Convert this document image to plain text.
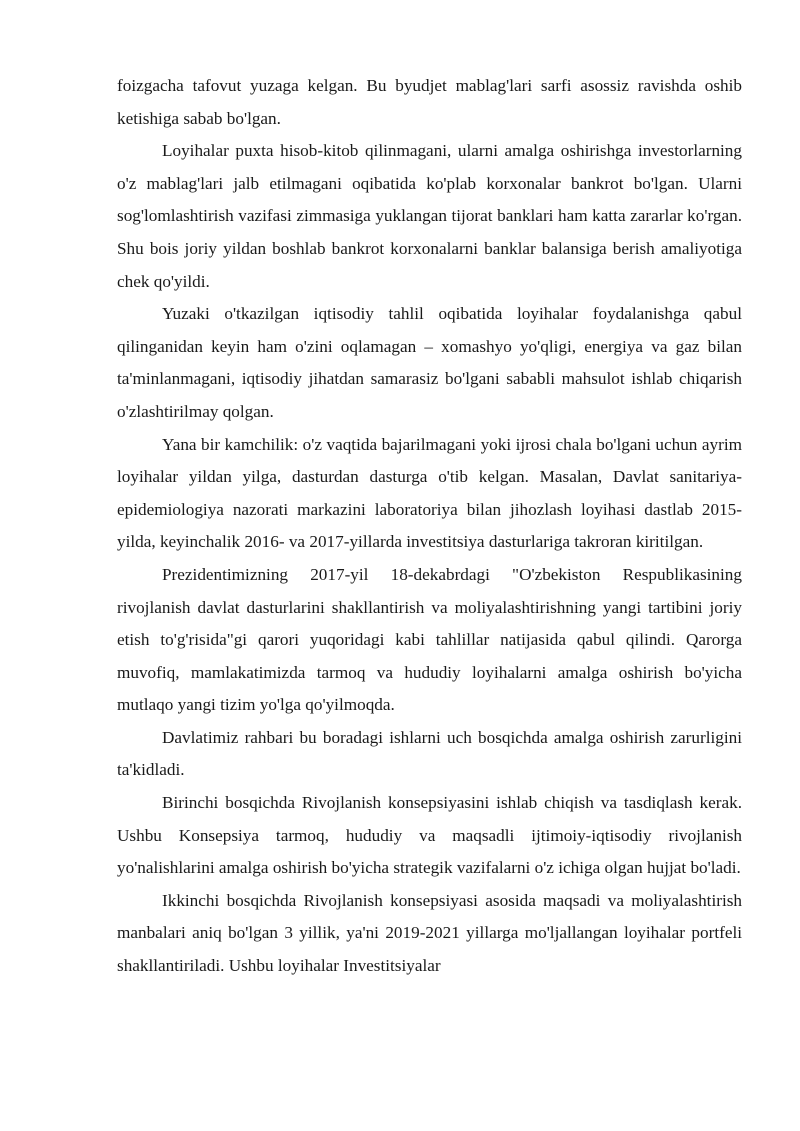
foizgacha tafovut yuzaga kelgan. Bu byudjet mablag'lari sarfi asossiz ravishda oshib ketishiga sabab bo'lgan.

Loyihalar puxta hisob-kitob qilinmagani, ularni amalga oshirishga investorlarning o'z mablag'lari jalb etilmagani oqibatida ko'plab korxonalar bankrot bo'lgan. Ularni sog'lomlashtirish vazifasi zimmasiga yuklangan tijorat banklari ham katta zararlar ko'rgan. Shu bois joriy yildan boshlab bankrot korxonalarni banklar balansiga berish amaliyotiga chek qo'yildi.

Yuzaki o'tkazilgan iqtisodiy tahlil oqibatida loyihalar foydalanishga qabul qilinganidan keyin ham o'zini oqlamagan – xomashyo yo'qligi, energiya va gaz bilan ta'minlanmagani, iqtisodiy jihatdan samarasiz bo'lgani sababli mahsulot ishlab chiqarish o'zlashtirilmay qolgan.

Yana bir kamchilik: o'z vaqtida bajarilmagani yoki ijrosi chala bo'lgani uchun ayrim loyihalar yildan yilga, dasturdan dasturga o'tib kelgan. Masalan, Davlat sanitariya-epidemiologiya nazorati markazini laboratoriya bilan jihozlash loyihasi dastlab 2015-yilda, keyinchalik 2016- va 2017-yillarda investitsiya dasturlariga takroran kiritilgan.

Prezidentimizning 2017-yil 18-dekabrdagi "O'zbekiston Respublikasining rivojlanish davlat dasturlarini shakllantirish va moliyalashtirishning yangi tartibini joriy etish to'g'risida"gi qarori yuqoridagi kabi tahlillar natijasida qabul qilindi. Qarorga muvofiq, mamlakatimizda tarmoq va hududiy loyihalarni amalga oshirish bo'yicha mutlaqo yangi tizim yo'lga qo'yilmoqda.

Davlatimiz rahbari bu boradagi ishlarni uch bosqichda amalga oshirish zarurligini ta'kidladi.

Birinchi bosqichda Rivojlanish konsepsiyasini ishlab chiqish va tasdiqlash kerak. Ushbu Konsepsiya tarmoq, hududiy va maqsadli ijtimoiy-iqtisodiy rivojlanish yo'nalishlarini amalga oshirish bo'yicha strategik vazifalarni o'z ichiga olgan hujjat bo'ladi.

Ikkinchi bosqichda Rivojlanish konsepsiyasi asosida maqsadi va moliyalashtirish manbalari aniq bo'lgan 3 yillik, ya'ni 2019-2021 yillarga mo'ljallangan loyihalar portfeli shakllantiriladi. Ushbu loyihalar Investitsiyalar
